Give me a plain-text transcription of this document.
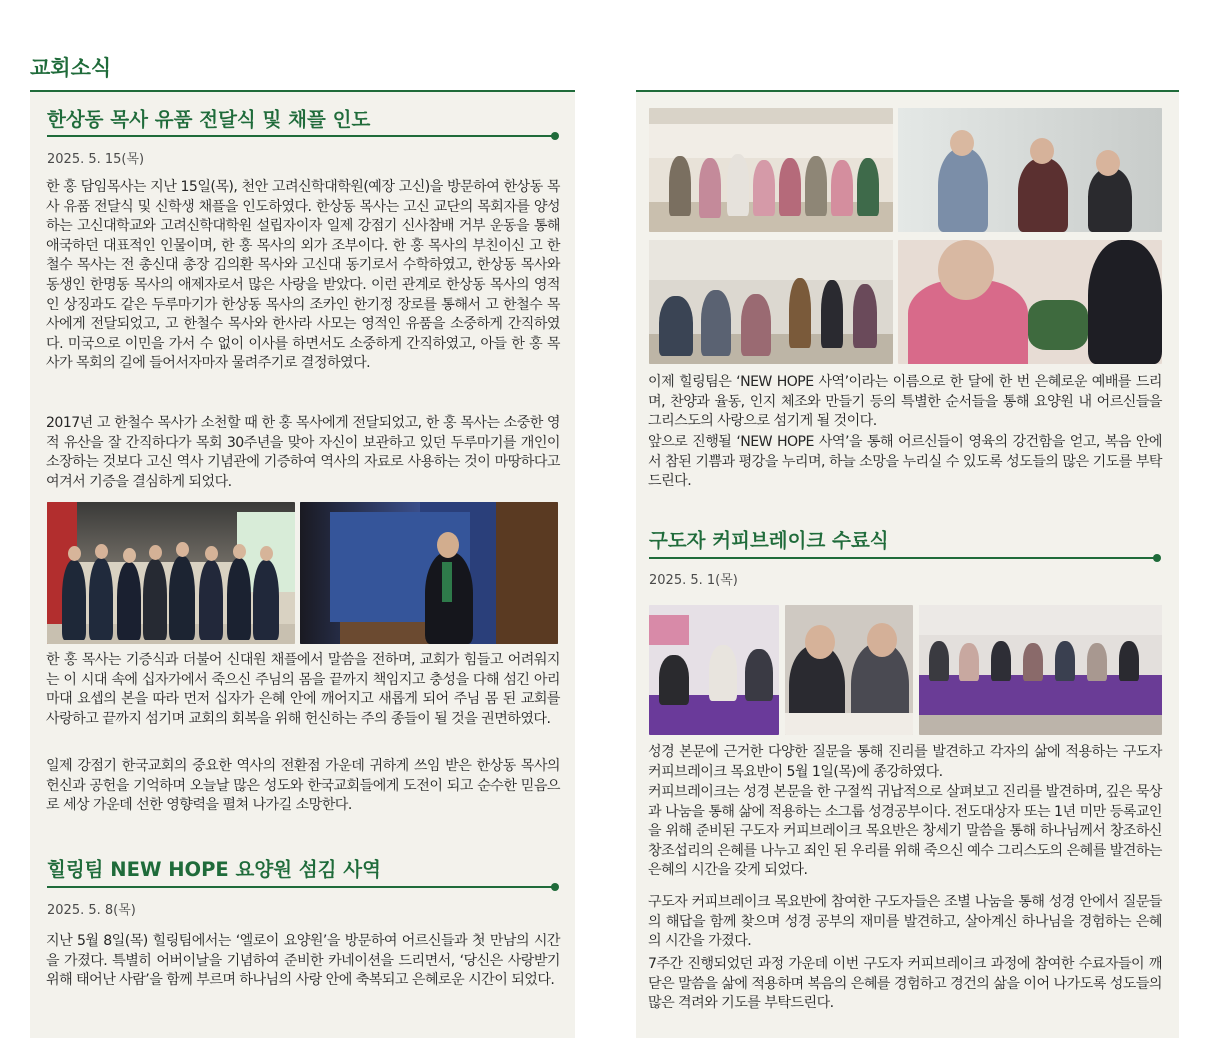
교회소식
한상동 목사 유품 전달식 및 채플 인도
2025. 5. 15(목)
한 홍 담임목사는 지난 15일(목), 천안 고려신학대학원(예장 고신)을 방문하여 한상동 목사 유품 전달식 및 신학생 채플을 인도하였다. 한상동 목사는 고신 교단의 목회자를 양성하는 고신대학교와 고려신학대학원 설립자이자 일제 강점기 신사참배 거부 운동을 통해 애국하던 대표적인 인물이며, 한 홍 목사의 외가 조부이다. 한 홍 목사의 부친이신 고 한철수 목사는 전 총신대 총장 김의환 목사와 고신대 동기로서 수학하였고, 한상동 목사와 동생인 한명동 목사의 애제자로서 많은 사랑을 받았다. 이런 관계로 한상동 목사의 영적인 상징과도 같은 두루마기가 한상동 목사의 조카인 한기정 장로를 통해서 고 한철수 목사에게 전달되었고, 고 한철수 목사와 한사라 사모는 영적인 유품을 소중하게 간직하였다. 미국으로 이민을 가서 수 없이 이사를 하면서도 소중하게 간직하였고, 아들 한 홍 목사가 목회의 길에 들어서자마자 물려주기로 결정하였다.
2017년 고 한철수 목사가 소천할 때 한 홍 목사에게 전달되었고, 한 홍 목사는 소중한 영적 유산을 잘 간직하다가 목회 30주년을 맞아 자신이 보관하고 있던 두루마기를 개인이 소장하는 것보다 고신 역사 기념관에 기증하여 역사의 자료로 사용하는 것이 마땅하다고 여겨서 기증을 결심하게 되었다.
한 홍 목사는 기증식과 더불어 신대원 채플에서 말씀을 전하며, 교회가 힘들고 어려워지는 이 시대 속에 십자가에서 죽으신 주님의 몸을 끝까지 책임지고 충성을 다해 섬긴 아리마대 요셉의 본을 따라 먼저 십자가 은혜 안에 깨어지고 새롭게 되어 주님 몸 된 교회를 사랑하고 끝까지 섬기며 교회의 회복을 위해 헌신하는 주의 종들이 될 것을 권면하였다.
일제 강점기 한국교회의 중요한 역사의 전환점 가운데 귀하게 쓰임 받은 한상동 목사의 헌신과 공헌을 기억하며 오늘날 많은 성도와 한국교회들에게 도전이 되고 순수한 믿음으로 세상 가운데 선한 영향력을 펼쳐 나가길 소망한다.
힐링팀 NEW HOPE 요양원 섬김 사역
2025. 5. 8(목)
지난 5월 8일(목) 힐링팀에서는 ‘엘로이 요양원’을 방문하여 어르신들과 첫 만남의 시간을 가졌다. 특별히 어버이날을 기념하여 준비한 카네이션을 드리면서, ‘당신은 사랑받기 위해 태어난 사람’을 함께 부르며 하나님의 사랑 안에 축복되고 은혜로운 시간이 되었다.
이제 힐링팀은 ‘NEW HOPE 사역’이라는 이름으로 한 달에 한 번 은혜로운 예배를 드리며, 찬양과 율동, 인지 체조와 만들기 등의 특별한 순서들을 통해 요양원 내 어르신들을 그리스도의 사랑으로 섬기게 될 것이다.
앞으로 진행될 ‘NEW HOPE 사역’을 통해 어르신들이 영육의 강건함을 얻고, 복음 안에서 참된 기쁨과 평강을 누리며, 하늘 소망을 누리실 수 있도록 성도들의 많은 기도를 부탁드린다.
구도자 커피브레이크 수료식
2025. 5. 1(목)
성경 본문에 근거한 다양한 질문을 통해 진리를 발견하고 각자의 삶에 적용하는 구도자 커피브레이크 목요반이 5월 1일(목)에 종강하였다.
커피브레이크는 성경 본문을 한 구절씩 귀납적으로 살펴보고 진리를 발견하며, 깊은 묵상과 나눔을 통해 삶에 적용하는 소그룹 성경공부이다. 전도대상자 또는 1년 미만 등록교인을 위해 준비된 구도자 커피브레이크 목요반은 창세기 말씀을 통해 하나님께서 창조하신 창조섭리의 은혜를 나누고 죄인 된 우리를 위해 죽으신 예수 그리스도의 은혜를 발견하는 은혜의 시간을 갖게 되었다.
구도자 커피브레이크 목요반에 참여한 구도자들은 조별 나눔을 통해 성경 안에서 질문들의 해답을 함께 찾으며 성경 공부의 재미를 발견하고, 살아계신 하나님을 경험하는 은혜의 시간을 가졌다.
7주간 진행되었던 과정 가운데 이번 구도자 커피브레이크 과정에 참여한 수료자들이 깨닫은 말씀을 삶에 적용하며 복음의 은혜를 경험하고 경건의 삶을 이어 나가도록 성도들의 많은 격려와 기도를 부탁드린다.
